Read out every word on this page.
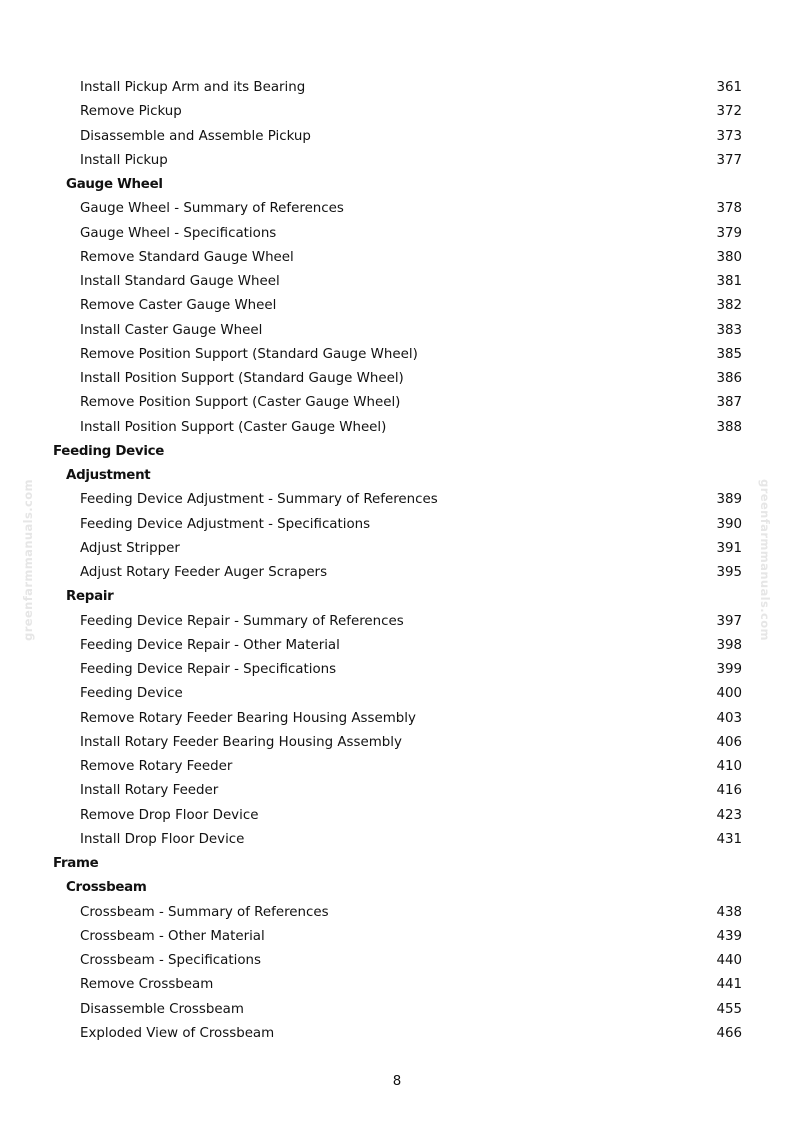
greenfarmmanuals.com	greenfarmmanuals.com
Install Pickup Arm and its Bearing	361
Remove Pickup	372
Disassemble and Assemble Pickup	373
Install Pickup	377
Gauge Wheel
Gauge Wheel - Summary of References	378
Gauge Wheel - Specifications	379
Remove Standard Gauge Wheel	380
Install Standard Gauge Wheel	381
Remove Caster Gauge Wheel	382
Install Caster Gauge Wheel	383
Remove Position Support (Standard Gauge Wheel)	385
Install Position Support (Standard Gauge Wheel)	386
Remove Position Support (Caster Gauge Wheel)	387
Install Position Support (Caster Gauge Wheel)	388
Feeding Device
Adjustment
Feeding Device Adjustment - Summary of References	389
Feeding Device Adjustment - Specifications	390
Adjust Stripper	391
Adjust Rotary Feeder Auger Scrapers	395
Repair
Feeding Device Repair - Summary of References	397
Feeding Device Repair - Other Material	398
Feeding Device Repair - Specifications	399
Feeding Device	400
Remove Rotary Feeder Bearing Housing Assembly	403
Install Rotary Feeder Bearing Housing Assembly	406
Remove Rotary Feeder	410
Install Rotary Feeder	416
Remove Drop Floor Device	423
Install Drop Floor Device	431
Frame
Crossbeam
Crossbeam - Summary of References	438
Crossbeam - Other Material	439
Crossbeam - Specifications	440
Remove Crossbeam	441
Disassemble Crossbeam	455
Exploded View of Crossbeam	466
8
